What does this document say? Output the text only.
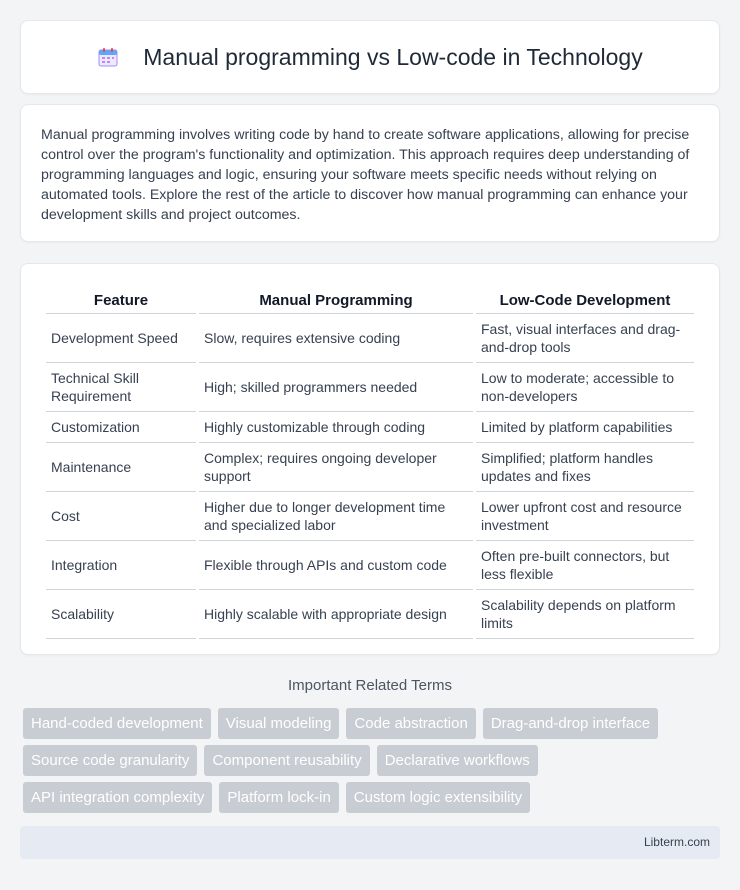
Manual programming vs Low-code in Technology

Manual programming involves writing code by hand to create software applications, allowing for precise control over the program's functionality and optimization. This approach requires deep understanding of programming languages and logic, ensuring your software meets specific needs without relying on automated tools. Explore the rest of the article to discover how manual programming can enhance your development skills and project outcomes.

Feature	Manual Programming	Low-Code Development
Development Speed	Slow, requires extensive coding	Fast, visual interfaces and drag-and-drop tools
Technical Skill Requirement	High; skilled programmers needed	Low to moderate; accessible to non-developers
Customization	Highly customizable through coding	Limited by platform capabilities
Maintenance	Complex; requires ongoing developer support	Simplified; platform handles updates and fixes
Cost	Higher due to longer development time and specialized labor	Lower upfront cost and resource investment
Integration	Flexible through APIs and custom code	Often pre-built connectors, but less flexible
Scalability	Highly scalable with appropriate design	Scalability depends on platform limits
Important Related Terms
Hand-coded development	Visual modeling	Code abstraction	Drag-and-drop interface
Source code granularity	Component reusability	Declarative workflows
API integration complexity	Platform lock-in	Custom logic extensibility
Libterm.com
